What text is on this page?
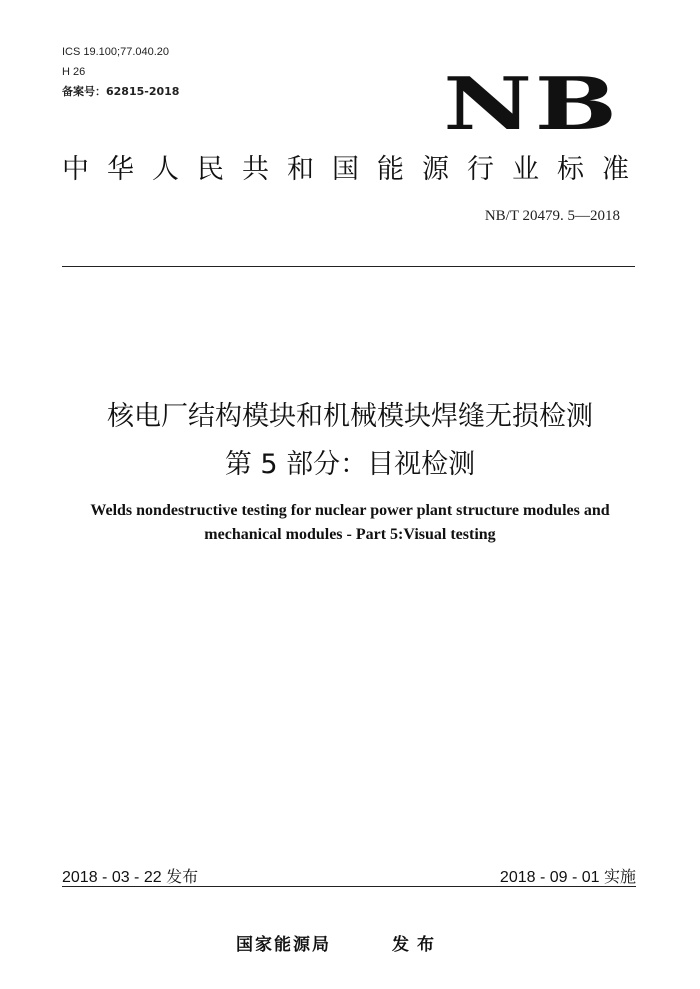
ICS 19.100;77.040.20
H 26
备案号：62815-2018	NB
中华人民共和国能源行业标准
NB/T 20479. 5—2018
核电厂结构模块和机械模块焊缝无损检测
第 5 部分：目视检测
Welds nondestructive testing for nuclear power plant structure modules and
mechanical modules - Part 5:Visual testing
2018 - 03 - 22 发布	2018 - 09 - 01 实施
国家能源局	发布
